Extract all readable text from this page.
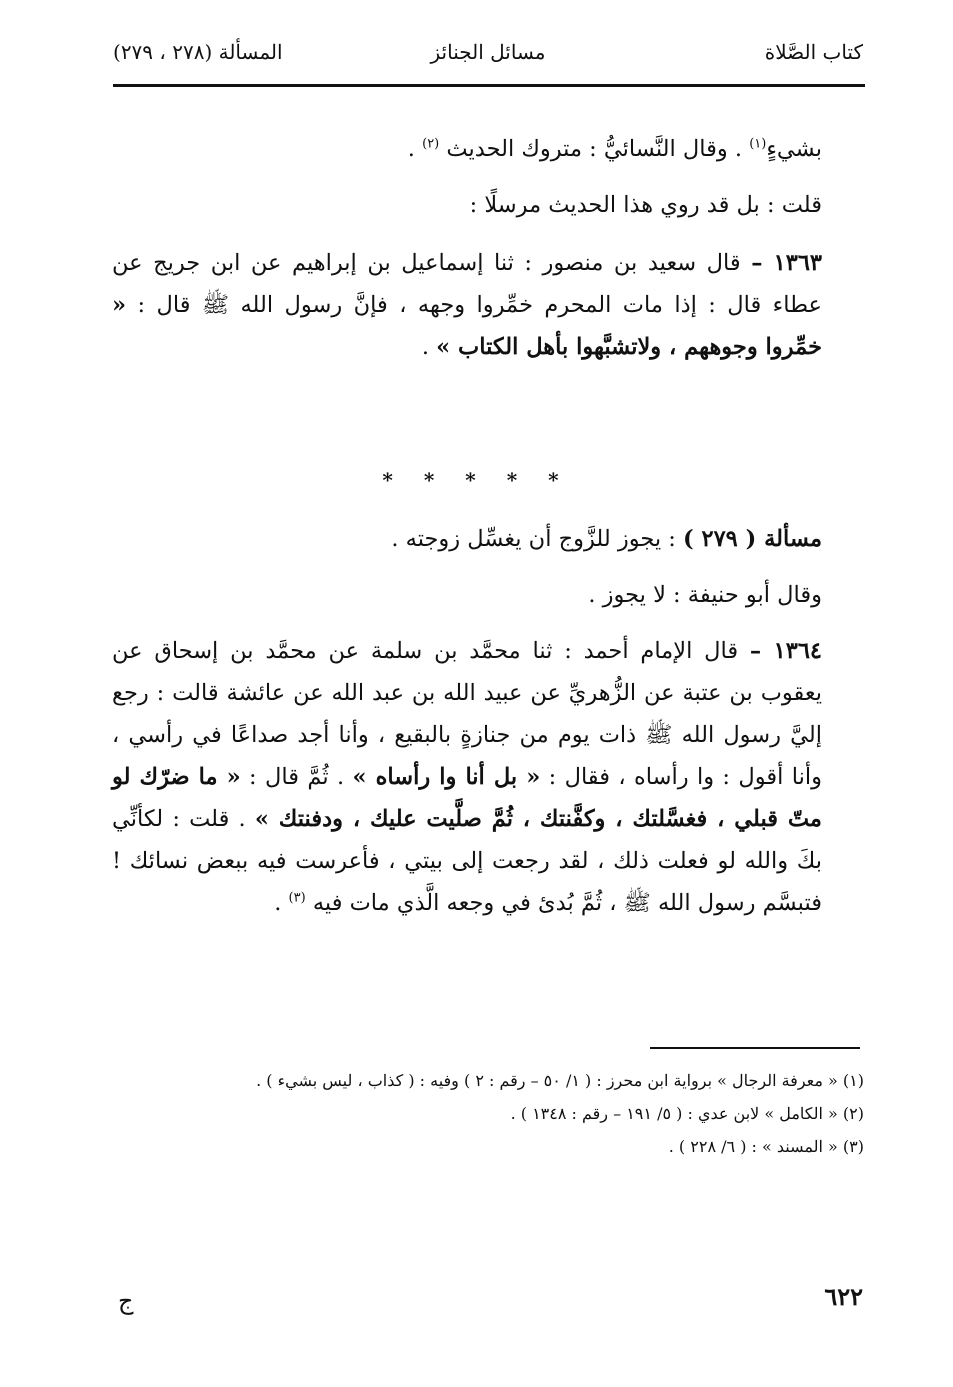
كتاب الصَّلاة
مسائل الجنائز
المسألة (٢٧٨ ، ٢٧٩)

بشيءٍ$^{(١)}$ . وقال النَّسائيُّ : متروك الحديث $^{(٢)}$ .

قلت : بل قد روي هذا الحديث مرسلًا :

١٣٦٣ – قال سعيد بن منصور : ثنا إسماعيل بن إبراهيم عن ابن جريج عن عطاء قال : إذا مات المحرم خمِّروا وجهه ، فإنَّ رسول الله ﷺ قال : « خمِّروا وجوههم ، ولاتشبَّهوا بأهل الكتاب » .

مسألة ( ٢٧٩ ) : يجوز للزَّوج أن يغسِّل زوجته .

وقال أبو حنيفة : لا يجوز .

١٣٦٤ – قال الإمام أحمد : ثنا محمَّد بن سلمة عن محمَّد بن إسحاق عن يعقوب بن عتبة عن الزُّهريِّ عن عبيد الله بن عبد الله عن عائشة قالت : رجع إليَّ رسول الله ﷺ ذات يوم من جنازةٍ بالبقيع ، وأنا أجد صداعًا في رأسي ، وأنا أقول : وا رأساه ، فقال : « بل أنا وا رأساه » . ثُمَّ قال : « ما ضرّك لو متّ قبلي ، فغسَّلتك ، وكفَّنتك ، ثُمَّ صلَّيت عليك ، ودفنتك » . قلت : لكأنِّي بكَ والله لو فعلت ذلك ، لقد رجعت إلى بيتي ، فأعرست فيه ببعض نسائك ! فتبسَّم رسول الله ﷺ ، ثُمَّ بُدئ في وجعه الَّذي مات فيه $^{(٣)}$ .

* * * * *

(١) « معرفة الرجال » برواية ابن محرز : ( ١/ ٥٠ – رقم : ٢ ) وفيه : ( كذاب ، ليس بشيء ) .

(٢) « الكامل » لابن عدي : ( ٥/ ١٩١ – رقم : ١٣٤٨ ) .

(٣) « المسند » : ( ٦/ ٢٢٨ ) .

٦٢٢
ج
